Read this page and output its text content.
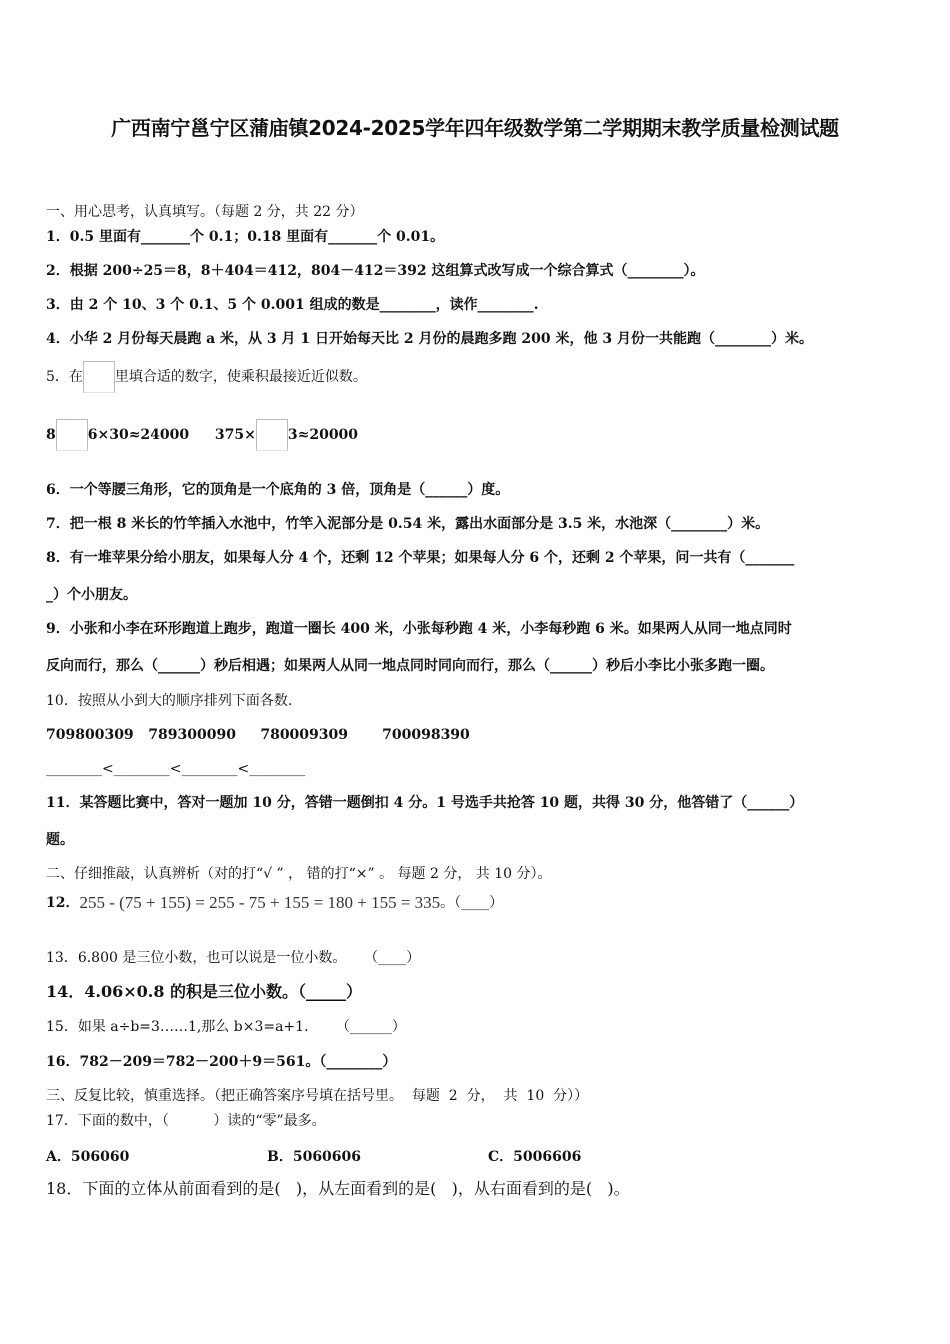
广西南宁邕宁区蒲庙镇2024-2025学年四年级数学第二学期期末教学质量检测试题
一、用心思考，认真填写。（每题 2 分，共 22 分）
1．0.5 里面有_______个 0.1；0.18 里面有_______个 0.01。
2．根据 200÷25＝8，8＋404＝412，804－412＝392 这组算式改写成一个综合算式（________）。
3．由 2 个 10、3 个 0.1、5 个 0.001 组成的数是________，读作________.
4．小华 2 月份每天晨跑 a 米，从 3 月 1 日开始每天比 2 月份的晨跑多跑 200 米，他 3 月份一共能跑（________）米。
5．在 里填合适的数字，使乘积最接近近似数。
8 6×30≈24000 375× 3≈20000
6．一个等腰三角形，它的顶角是一个底角的 3 倍，顶角是（______）度。
7．把一根 8 米长的竹竿插入水池中，竹竿入泥部分是 0.54 米，露出水面部分是 3.5 米，水池深（________）米。
8．有一堆苹果分给小朋友，如果每人分 4 个，还剩 12 个苹果；如果每人分 6 个，还剩 2 个苹果，问一共有（_______
_）个小朋友。
9．小张和小李在环形跑道上跑步，跑道一圈长 400 米，小张每秒跑 4 米，小李每秒跑 6 米。如果两人从同一地点同时
反向而行，那么（______）秒后相遇；如果两人从同一地点同时同向而行，那么（______）秒后小李比小张多跑一圈。
10．按照从小到大的顺序排列下面各数.
709800309   789300090     780009309       700098390
________<________<________<________
11．某答题比赛中，答对一题加 10 分，答错一题倒扣 4 分。1 号选手共抢答 10 题，共得 30 分，他答错了（______）
题。
二、仔细推敲，认真辨析（对的打“√ ” ， 错的打“×” 。 每题 2 分， 共 10 分）。
12．255 - (75 + 155) = 255 - 75 + 155 = 180 + 155 = 335。（____）
13．6.800 是三位小数，也可以说是一位小数。    （____）
14．4.06×0.8 的积是三位小数。（_____）
15．如果 a÷b=3……1,那么 b×3=a+1．    （______）
16．782－209＝782－200＋9＝561。（________）
三、反复比较，慎重选择。（把正确答案序号填在括号里。  每题  2  分，  共  10  分））
17．下面的数中，（          ）读的“零”最多。
A．506060	B．5060606	C．5006606
18．下面的立体从前面看到的是(   )，从左面看到的是(   )，从右面看到的是(   )。
